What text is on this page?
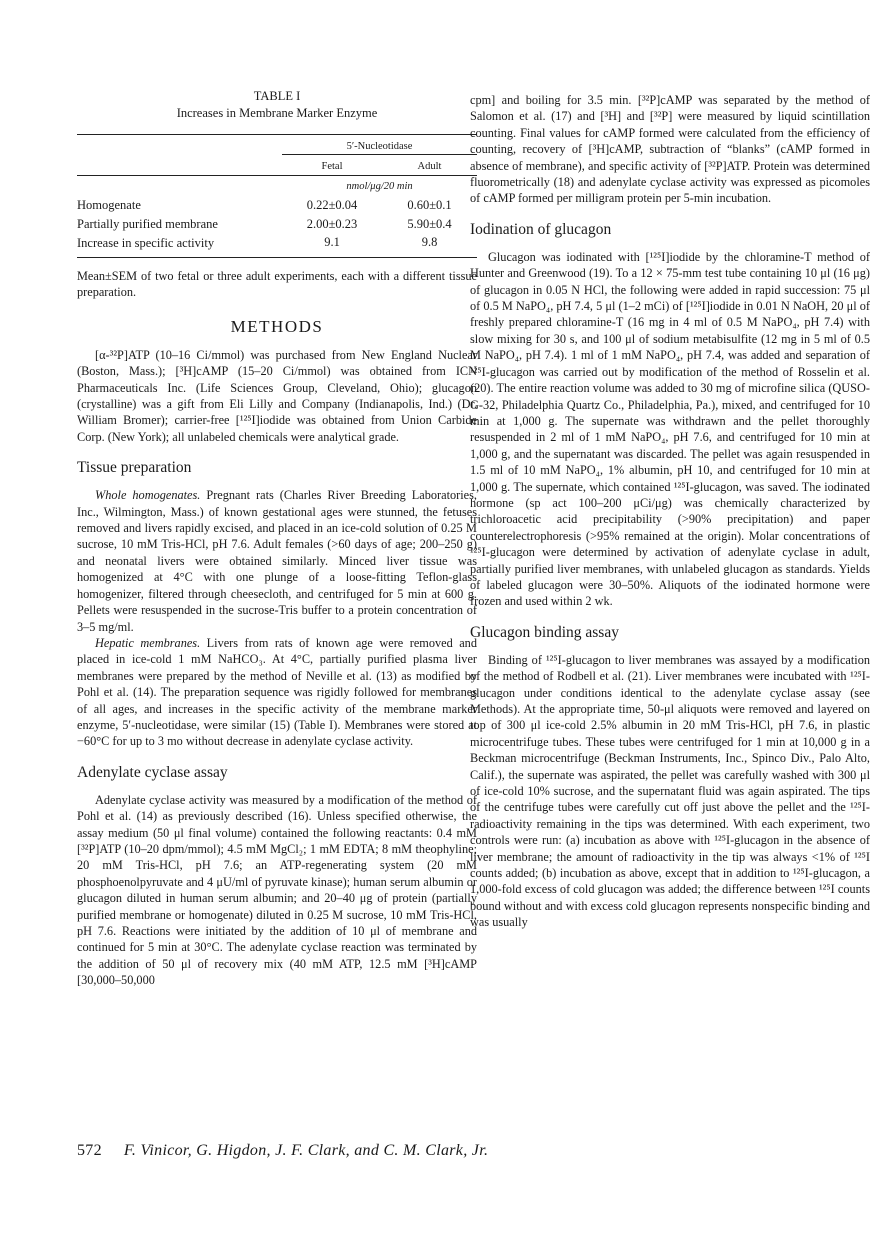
TABLE I
Increases in Membrane Marker Enzyme
	5′-Nucleotidase	
	Fetal	Adult
	nmol/μg/20 min	
Homogenate	0.22±0.04	0.60±0.1
Partially purified membrane	2.00±0.23	5.90±0.4
Increase in specific activity	9.1	9.8

Mean±SEM of two fetal or three adult experiments, each with a different tissue preparation.

METHODS

[α-³²P]ATP (10–16 Ci/mmol) was purchased from New England Nuclear (Boston, Mass.); [³H]cAMP (15–20 Ci/mmol) was obtained from ICN Pharmaceuticals Inc. (Life Sciences Group, Cleveland, Ohio); glucagon (crystalline) was a gift from Eli Lilly and Company (Indianapolis, Ind.) (Dr. William Bromer); carrier-free [¹²⁵I]iodide was obtained from Union Carbide Corp. (New York); all unlabeled chemicals were analytical grade.

Tissue preparation

Whole homogenates. Pregnant rats (Charles River Breeding Laboratories, Inc., Wilmington, Mass.) of known gestational ages were stunned, the fetuses removed and livers rapidly excised, and placed in an ice-cold solution of 0.25 M sucrose, 10 mM Tris-HCl, pH 7.6. Adult females (>60 days of age; 200–250 g) and neonatal livers were obtained similarly. Minced liver tissue was homogenized at 4°C with one plunge of a loose-fitting Teflon-glass homogenizer, filtered through cheesecloth, and centrifuged for 5 min at 600 g. Pellets were resuspended in the sucrose-Tris buffer to a protein concentration of 3–5 mg/ml.

Hepatic membranes. Livers from rats of known age were removed and placed in ice-cold 1 mM NaHCO₃. At 4°C, partially purified plasma liver membranes were prepared by the method of Neville et al. (13) as modified by Pohl et al. (14). The preparation sequence was rigidly followed for membranes of all ages, and increases in the specific activity of the membrane marker enzyme, 5′-nucleotidase, were similar (15) (Table I). Membranes were stored at −60°C for up to 3 mo without decrease in adenylate cyclase activity.

Adenylate cyclase assay

Adenylate cyclase activity was measured by a modification of the method of Pohl et al. (14) as previously described (16). Unless specified otherwise, the assay medium (50 μl final volume) contained the following reactants: 0.4 mM [³²P]ATP (10–20 dpm/mmol); 4.5 mM MgCl₂; 1 mM EDTA; 8 mM theophyline; 20 mM Tris-HCl, pH 7.6; an ATP-regenerating system (20 mM phosphoenolpyruvate and 4 μU/ml of pyruvate kinase); human serum albumin or glucagon diluted in human serum albumin; and 20–40 μg of protein (partially purified membrane or homogenate) diluted in 0.25 M sucrose, 10 mM Tris-HCl, pH 7.6. Reactions were initiated by the addition of 10 μl of membrane and continued for 5 min at 30°C. The adenylate cyclase reaction was terminated by the addition of 50 μl of recovery mix (40 mM ATP, 12.5 mM [³H]cAMP [30,000–50,000

cpm] and boiling for 3.5 min. [³²P]cAMP was separated by the method of Salomon et al. (17) and [³H] and [³²P] were measured by liquid scintillation counting. Final values for cAMP formed were calculated from the efficiency of counting, recovery of [³H]cAMP, subtraction of “blanks” (cAMP formed in absence of membrane), and specific activity of [³²P]ATP. Protein was determined fluorometrically (18) and adenylate cyclase activity was expressed as picomoles of cAMP formed per milligram protein per 5-min incubation.

Iodination of glucagon

Glucagon was iodinated with [¹²⁵I]iodide by the chloramine-T method of Hunter and Greenwood (19). To a 12 × 75-mm test tube containing 10 μl (16 μg) of glucagon in 0.05 N HCl, the following were added in rapid succession: 75 μl of 0.5 M NaPO₄, pH 7.4, 5 μl (1–2 mCi) of [¹²⁵I]iodide in 0.01 N NaOH, 20 μl of freshly prepared chloramine-T (16 mg in 4 ml of 0.5 M NaPO₄, pH 7.4) with slow mixing for 30 s, and 100 μl of sodium metabisulfite (12 mg in 5 ml of 0.5 M NaPO₄, pH 7.4). 1 ml of 1 mM NaPO₄, pH 7.4, was added and separation of ¹²⁵I-glucagon was carried out by modification of the method of Rosselin et al. (20). The entire reaction volume was added to 30 mg of microfine silica (QUSO-G-32, Philadelphia Quartz Co., Philadelphia, Pa.), mixed, and centrifuged for 10 min at 1,000 g. The supernate was withdrawn and the pellet thoroughly resuspended in 2 ml of 1 mM NaPO₄, pH 7.6, and centrifuged for 10 min at 1,000 g, and the supernatant was discarded. The pellet was again resuspended in 1.5 ml of 10 mM NaPO₄, 1% albumin, pH 10, and centrifuged for 10 min at 1,000 g. The supernate, which contained ¹²⁵I-glucagon, was saved. The iodinated hormone (sp act 100–200 μCi/μg) was chemically characterized by trichloroacetic acid precipitability (>90% precipitation) and paper counterelectrophoresis (>95% remained at the origin). Molar concentrations of ¹²⁵I-glucagon were determined by activation of adenylate cyclase in adult, partially purified liver membranes, with unlabeled glucagon as standards. Yields of labeled glucagon were 30–50%. Aliquots of the iodinated hormone were frozen and used within 2 wk.

Glucagon binding assay

Binding of ¹²⁵I-glucagon to liver membranes was assayed by a modification of the method of Rodbell et al. (21). Liver membranes were incubated with ¹²⁵I-glucagon under conditions identical to the adenylate cyclase assay (see Methods). At the appropriate time, 50-μl aliquots were removed and layered on top of 300 μl ice-cold 2.5% albumin in 20 mM Tris-HCl, pH 7.6, in plastic microcentrifuge tubes. These tubes were centrifuged for 1 min at 10,000 g in a Beckman microcentrifuge (Beckman Instruments, Inc., Spinco Div., Palo Alto, Calif.), the supernate was aspirated, the pellet was carefully washed with 300 μl of ice-cold 10% sucrose, and the supernatant fluid was again aspirated. The tips of the centrifuge tubes were carefully cut off just above the pellet and the ¹²⁵I-radioactivity remaining in the tips was determined. With each experiment, two controls were run: (a) incubation as above with ¹²⁵I-glucagon in the absence of liver membrane; the amount of radioactivity in the tip was always <1% of ¹²⁵I counts added; (b) incubation as above, except that in addition to ¹²⁵I-glucagon, a 1,000-fold excess of cold glucagon was added; the difference between ¹²⁵I counts bound without and with excess cold glucagon represents nonspecific binding and was usually

572 F. Vinicor, G. Higdon, J. F. Clark, and C. M. Clark, Jr.
